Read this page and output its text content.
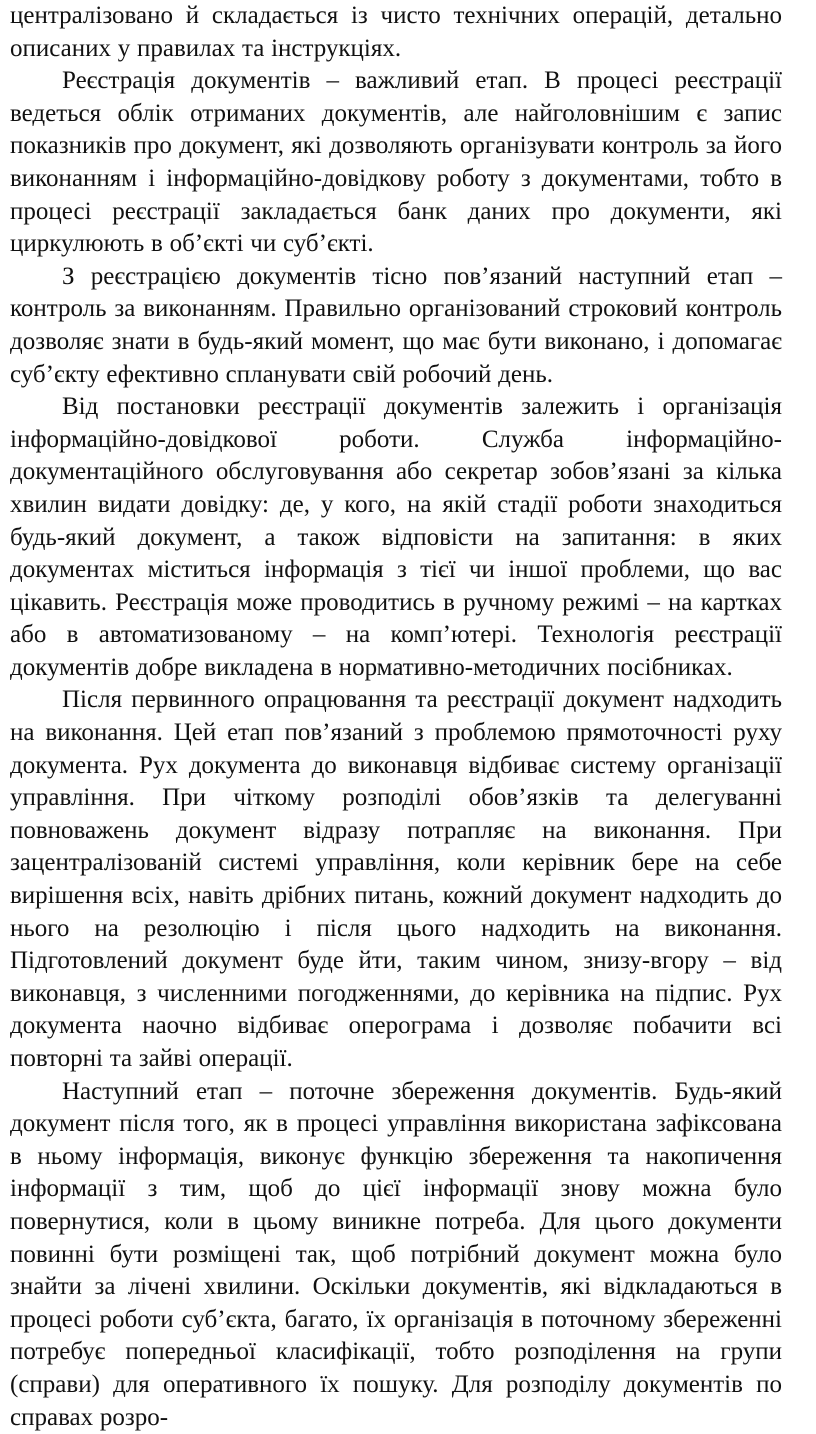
централізовано й складається із чисто технічних операцій, детально описаних у правилах та інструкціях.

Реєстрація документів – важливий етап. В процесі реєстрації ведеться облік отриманих документів, але найголовнішим є запис показників про документ, які дозволяють організувати контроль за його виконанням і інформаційно-довідкову роботу з документами, тобто в процесі реєстрації закладається банк даних про документи, які циркулюють в об’єкті чи суб’єкті.

З реєстрацією документів тісно пов’язаний наступний етап – контроль за виконанням. Правильно організований строковий контроль дозволяє знати в будь-який момент, що має бути виконано, і допомагає суб’єкту ефективно спланувати свій робочий день.

Від постановки реєстрації документів залежить і організація інформаційно-довідкової роботи. Служба інформаційно-документаційного обслуговування або секретар зобов’язані за кілька хвилин видати довідку: де, у кого, на якій стадії роботи знаходиться будь-який документ, а також відповісти на запитання: в яких документах міститься інформація з тієї чи іншої проблеми, що вас цікавить. Реєстрація може проводитись в ручному режимі – на картках або в автоматизованому – на комп’ютері. Технологія реєстрації документів добре викладена в нормативно-методичних посібниках.

Після первинного опрацювання та реєстрації документ надходить на виконання. Цей етап пов’язаний з проблемою прямоточності руху документа. Рух документа до виконавця відбиває систему організації управління. При чіткому розподілі обов’язків та делегуванні повноважень документ відразу потрапляє на виконання. При зацентралізованій системі управління, коли керівник бере на себе вирішення всіх, навіть дрібних питань, кожний документ надходить до нього на резолюцію і після цього надходить на виконання. Підготовлений документ буде йти, таким чином, знизу-вгору – від виконавця, з численними погодженнями, до керівника на підпис. Рух документа наочно відбиває оперограма і дозволяє побачити всі повторні та зайві операції.

Наступний етап – поточне збереження документів. Будь-який документ після того, як в процесі управління використана зафіксована в ньому інформація, виконує функцію збереження та накопичення інформації з тим, щоб до цієї інформації знову можна було повернутися, коли в цьому виникне потреба. Для цього документи повинні бути розміщені так, щоб потрібний документ можна було знайти за лічені хвилини. Оскільки документів, які відкладаються в процесі роботи суб’єкта, багато, їх організація в поточному збереженні потребує попередньої класифікації, тобто розподілення на групи (справи) для оперативного їх пошуку. Для розподілу документів по справах розро-
